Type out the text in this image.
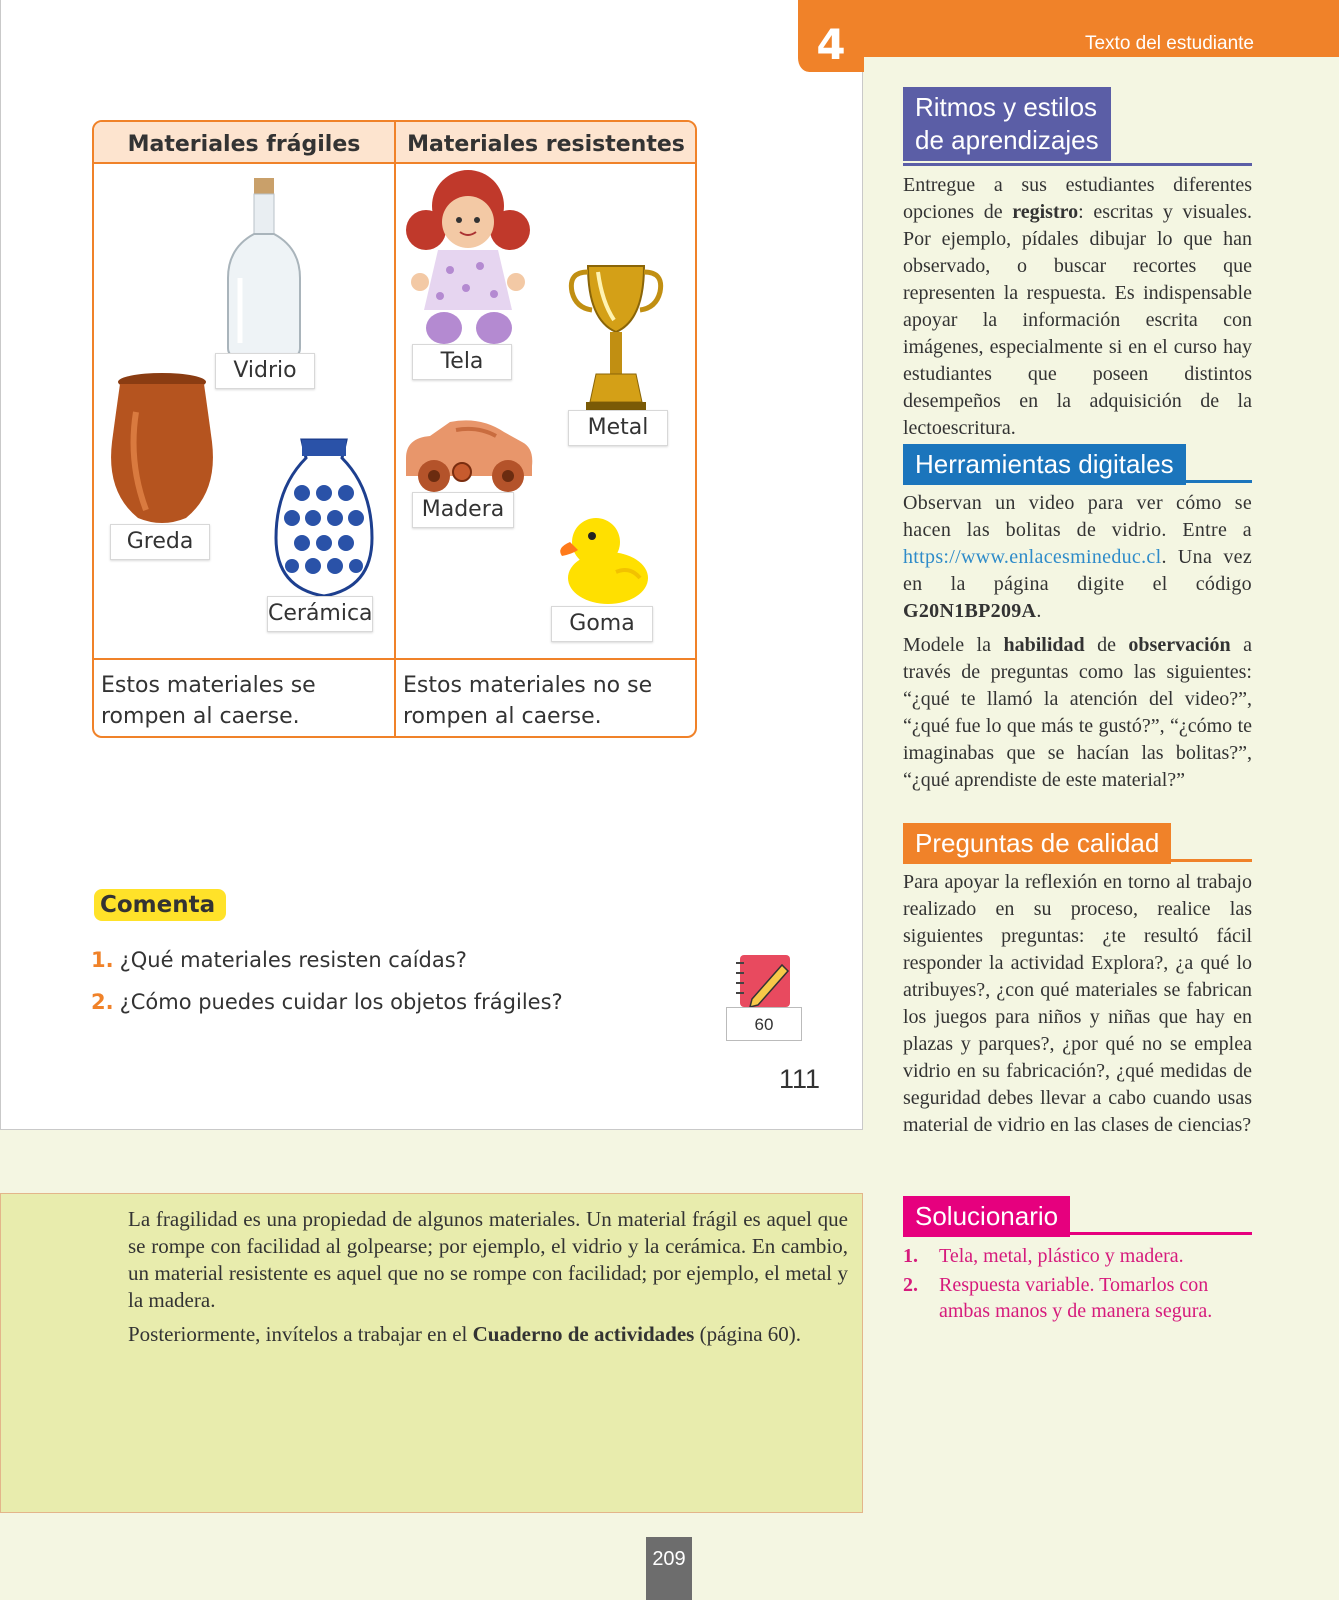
4
Materiales frágiles	Materiales resistentes
Vidrio
Greda
Cerámica
Tela
Metal
Madera
Goma
Estos materiales se
rompen al caerse.
Estos materiales no se
rompen al caerse.
Comenta
1. ¿Qué materiales resisten caídas?
2. ¿Cómo puedes cuidar los objetos frágiles?
60
111
Texto del estudiante

La fragilidad es una propiedad de algunos materiales. Un material frágil es aquel que se rompe con facilidad al golpearse; por ejemplo, el vidrio y la cerámica. En cambio, un material resistente es aquel que no se rompe con facilidad; por ejemplo, el metal y la madera.

Posteriormente, invítelos a trabajar en el Cuaderno de actividades (página 60).

209
Ritmos y estilos
de aprendizajes

Entregue a sus estudiantes diferentes opciones de registro: escritas y visuales. Por ejemplo, pídales dibujar lo que han observado, o buscar recortes que representen la respuesta. Es indispensable apoyar la información escrita con imágenes, especialmente si en el curso hay estudiantes que poseen distintos desempeños en la adquisición de la lectoescritura.

Herramientas digitales

Observan un video para ver cómo se hacen las bolitas de vidrio. Entre a https://www.enlacesmineduc.cl. Una vez en la página digite el código G20N1BP209A.

Modele la habilidad de observación a través de preguntas como las siguientes: “¿qué te llamó la atención del video?”, “¿qué fue lo que más te gustó?”, “¿cómo te imaginabas que se hacían las bolitas?”, “¿qué aprendiste de este material?”

Preguntas de calidad

Para apoyar la reflexión en torno al trabajo realizado en su proceso, realice las siguientes preguntas: ¿te resultó fácil responder la actividad Explora?, ¿a qué lo atribuyes?, ¿con qué materiales se fabrican los juegos para niños y niñas que hay en plazas y parques?, ¿por qué no se emplea vidrio en su fabricación?, ¿qué medidas de seguridad debes llevar a cabo cuando usas material de vidrio en las clases de ciencias?

Solucionario
1. Tela, metal, plástico y madera.
2. Respuesta variable. Tomarlos con
ambas manos y de manera segura.
